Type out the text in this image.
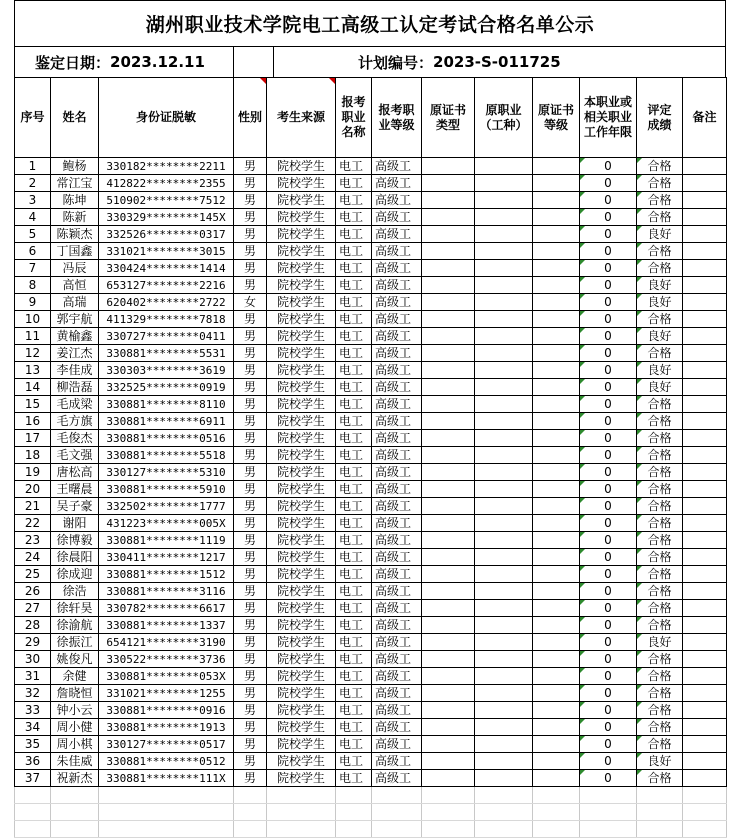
湖州职业技术学院电工高级工认定考试合格名单公示
鉴定日期： 2023.12.11	计划编号： 2023-S-011725
序号	姓名	身份证脱敏	性别	考生来源	报考职业名称	报考职业等级	原证书类型	原职业（工种）	原证书等级	本职业或相关职业工作年限	评定成绩	备注
1	鲍杨	330182********2211	男	院校学生	电工	高级工				0	合格	
2	常江宝	412822********2355	男	院校学生	电工	高级工				0	合格	
3	陈坤	510902********7512	男	院校学生	电工	高级工				0	合格	
4	陈新	330329********145X	男	院校学生	电工	高级工				0	合格	
5	陈颖杰	332526********0317	男	院校学生	电工	高级工				0	良好	
6	丁国鑫	331021********3015	男	院校学生	电工	高级工				0	合格	
7	冯辰	330424********1414	男	院校学生	电工	高级工				0	合格	
8	高恒	653127********2216	男	院校学生	电工	高级工				0	良好	
9	高瑞	620402********2722	女	院校学生	电工	高级工				0	良好	
10	郭宇航	411329********7818	男	院校学生	电工	高级工				0	合格	
11	黄榆鑫	330727********0411	男	院校学生	电工	高级工				0	良好	
12	姜江杰	330881********5531	男	院校学生	电工	高级工				0	合格	
13	李佳成	330303********3619	男	院校学生	电工	高级工				0	良好	
14	柳浩磊	332525********0919	男	院校学生	电工	高级工				0	良好	
15	毛成梁	330881********8110	男	院校学生	电工	高级工				0	合格	
16	毛方旗	330881********6911	男	院校学生	电工	高级工				0	合格	
17	毛俊杰	330881********0516	男	院校学生	电工	高级工				0	合格	
18	毛文强	330881********5518	男	院校学生	电工	高级工				0	合格	
19	唐松高	330127********5310	男	院校学生	电工	高级工				0	合格	
20	王曙晨	330881********5910	男	院校学生	电工	高级工				0	合格	
21	吴子豪	332502********1777	男	院校学生	电工	高级工				0	合格	
22	谢阳	431223********005X	男	院校学生	电工	高级工				0	合格	
23	徐博毅	330881********1119	男	院校学生	电工	高级工				0	合格	
24	徐晨阳	330411********1217	男	院校学生	电工	高级工				0	合格	
25	徐成迎	330881********1512	男	院校学生	电工	高级工				0	合格	
26	徐浩	330881********3116	男	院校学生	电工	高级工				0	合格	
27	徐轩昊	330782********6617	男	院校学生	电工	高级工				0	合格	
28	徐渝航	330881********1337	男	院校学生	电工	高级工				0	合格	
29	徐振江	654121********3190	男	院校学生	电工	高级工				0	良好	
30	姚俊凡	330522********3736	男	院校学生	电工	高级工				0	合格	
31	余健	330881********053X	男	院校学生	电工	高级工				0	合格	
32	詹晓恒	331021********1255	男	院校学生	电工	高级工				0	合格	
33	钟小云	330881********0916	男	院校学生	电工	高级工				0	合格	
34	周小健	330881********1913	男	院校学生	电工	高级工				0	合格	
35	周小棋	330127********0517	男	院校学生	电工	高级工				0	合格	
36	朱佳威	330881********0512	男	院校学生	电工	高级工				0	良好	
37	祝新杰	330881********111X	男	院校学生	电工	高级工				0	合格	
